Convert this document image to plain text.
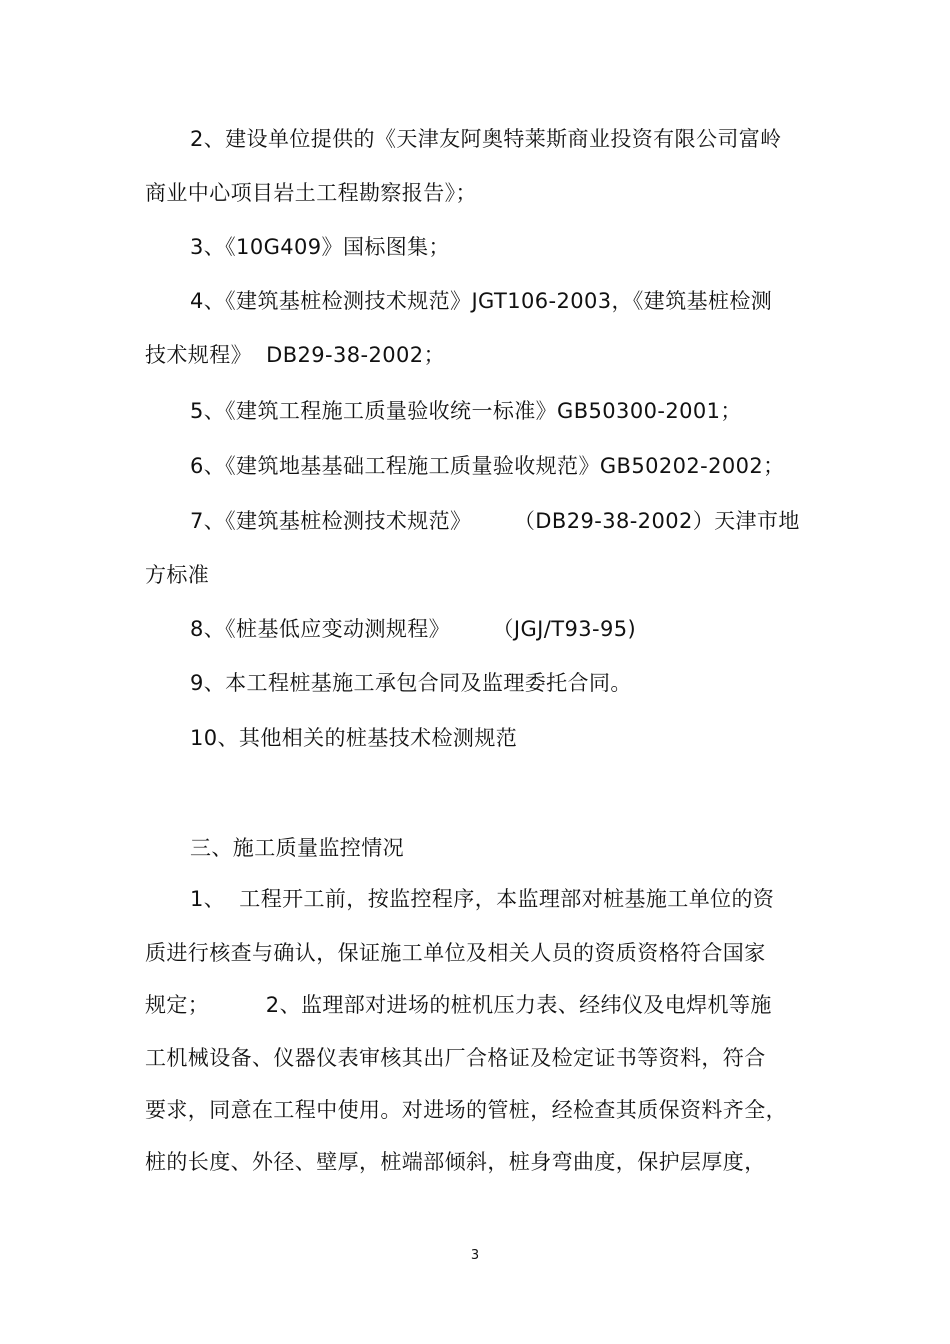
2、建设单位提供的《天津友阿奥特莱斯商业投资有限公司富岭
商业中心项目岩土工程勘察报告》；
3、《10G409》国标图集；
4、《建筑基桩检测技术规范》JGT106-2003，《建筑基桩检测
技术规程》  DB29-38-2002；
5、《建筑工程施工质量验收统一标准》GB50300-2001；
6、《建筑地基基础工程施工质量验收规范》GB50202-2002；
7、《建筑基桩检测技术规范》      （DB29-38-2002）天津市地
方标准
8、《桩基低应变动测规程》      （JGJ/T93-95)
9、本工程桩基施工承包合同及监理委托合同。
10、其他相关的桩基技术检测规范
三、施工质量监控情况
1、  工程开工前，按监控程序，本监理部对桩基施工单位的资
质进行核查与确认，保证施工单位及相关人员的资质资格符合国家
规定；        2、监理部对进场的桩机压力表、经纬仪及电焊机等施
工机械设备、仪器仪表审核其出厂合格证及检定证书等资料，符合
要求，同意在工程中使用。对进场的管桩，经检查其质保资料齐全，
桩的长度、外径、壁厚，桩端部倾斜，桩身弯曲度，保护层厚度，
3
